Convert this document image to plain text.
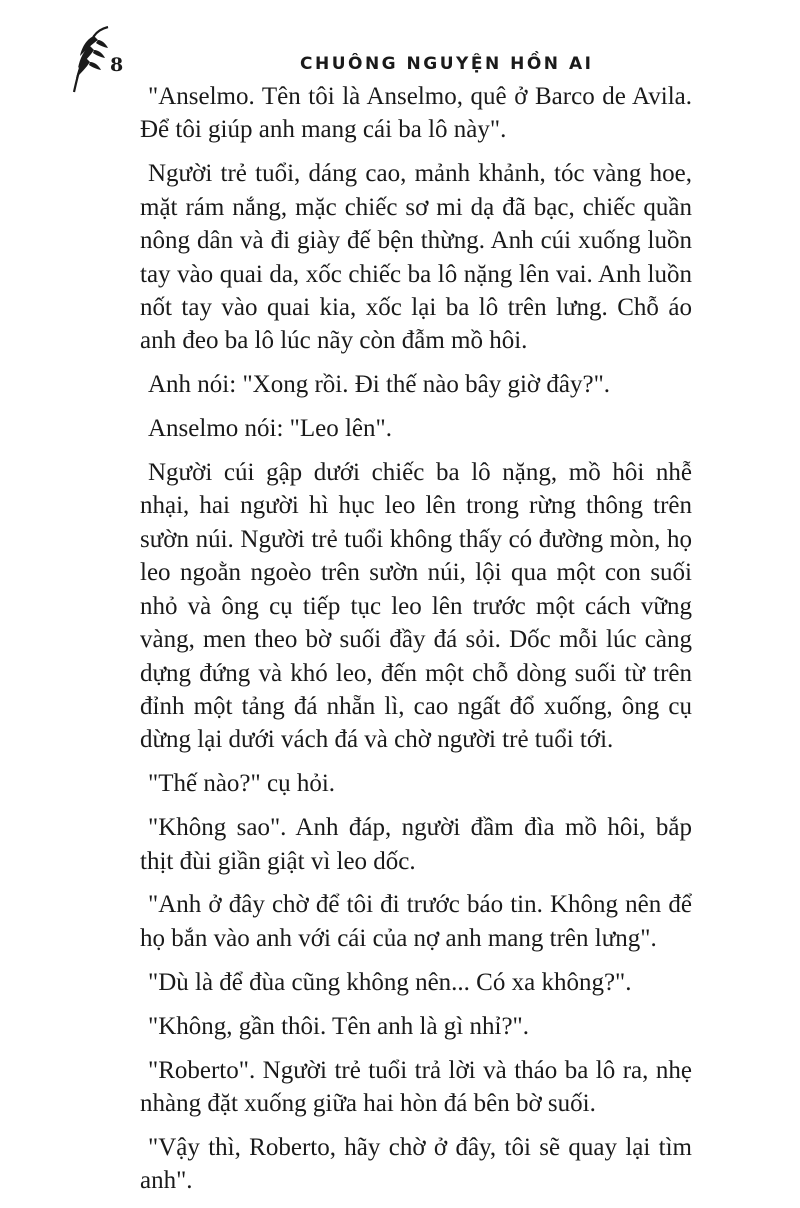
8	CHUÔNG NGUYỆN HỒN AI

"Anselmo. Tên tôi là Anselmo, quê ở Barco de Avila. Để tôi giúp anh mang cái ba lô này".

Người trẻ tuổi, dáng cao, mảnh khảnh, tóc vàng hoe, mặt rám nắng, mặc chiếc sơ mi dạ đã bạc, chiếc quần nông dân và đi giày đế bện thừng. Anh cúi xuống luồn tay vào quai da, xốc chiếc ba lô nặng lên vai. Anh luồn nốt tay vào quai kia, xốc lại ba lô trên lưng. Chỗ áo anh đeo ba lô lúc nãy còn đẫm mồ hôi.

Anh nói: "Xong rồi. Đi thế nào bây giờ đây?".

Anselmo nói: "Leo lên".

Người cúi gập dưới chiếc ba lô nặng, mồ hôi nhễ nhại, hai người hì hục leo lên trong rừng thông trên sườn núi. Người trẻ tuổi không thấy có đường mòn, họ leo ngoằn ngoèo trên sườn núi, lội qua một con suối nhỏ và ông cụ tiếp tục leo lên trước một cách vững vàng, men theo bờ suối đầy đá sỏi. Dốc mỗi lúc càng dựng đứng và khó leo, đến một chỗ dòng suối từ trên đỉnh một tảng đá nhẵn lì, cao ngất đổ xuống, ông cụ dừng lại dưới vách đá và chờ người trẻ tuổi tới.

"Thế nào?" cụ hỏi.

"Không sao". Anh đáp, người đầm đìa mồ hôi, bắp thịt đùi giần giật vì leo dốc.

"Anh ở đây chờ để tôi đi trước báo tin. Không nên để họ bắn vào anh với cái của nợ anh mang trên lưng".

"Dù là để đùa cũng không nên... Có xa không?".

"Không, gần thôi. Tên anh là gì nhỉ?".

"Roberto". Người trẻ tuổi trả lời và tháo ba lô ra, nhẹ nhàng đặt xuống giữa hai hòn đá bên bờ suối.

"Vậy thì, Roberto, hãy chờ ở đây, tôi sẽ quay lại tìm anh".
